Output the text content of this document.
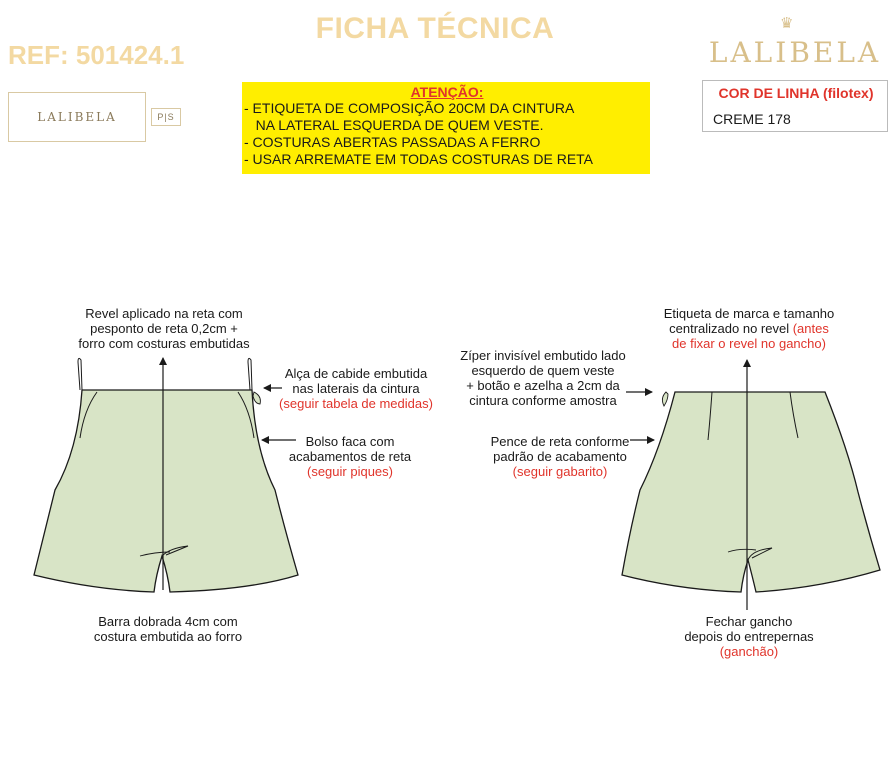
FICHA TÉCNICA
REF: 501424.1
♛
LALIBELA
LALIBELA	P|S
ATENÇÃO:
- ETIQUETA DE COMPOSIÇÃO 20CM DA CINTURA
NA LATERAL ESQUERDA DE QUEM VESTE.
- COSTURAS ABERTAS PASSADAS A FERRO
- USAR ARREMATE EM TODAS COSTURAS DE RETA
COR DE LINHA (filotex)
CREME 178
Revel aplicado na reta com
pesponto de reta 0,2cm +
forro com costuras embutidas
Alça de cabide embutida
nas laterais da cintura
(seguir tabela de medidas)
Bolso faca com
acabamentos de reta
(seguir piques)
Barra dobrada 4cm com
costura embutida ao forro
Etiqueta de marca e tamanho
centralizado no revel (antes
de fixar o revel no gancho)
Zíper invisível embutido lado
esquerdo de quem veste
+ botão e azelha a 2cm da
cintura conforme amostra
Pence de reta conforme
padrão de acabamento
(seguir gabarito)
Fechar gancho
depois do entrepernas
(ganchão)
